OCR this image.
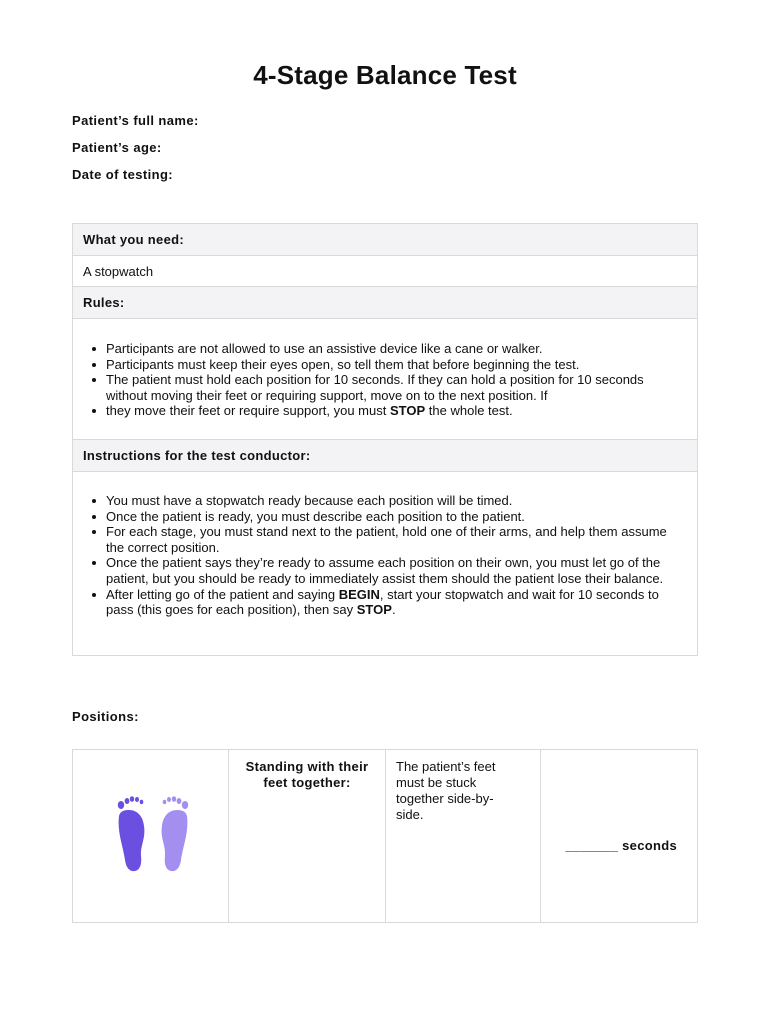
4-Stage Balance Test
Patient’s full name:
Patient’s age:
Date of testing:
What you need:
A stopwatch
Rules:
Participants are not allowed to use an assistive device like a cane or walker.
Participants must keep their eyes open, so tell them that before beginning the test.
The patient must hold each position for 10 seconds. If they can hold a position for 10 seconds without moving their feet or requiring support, move on to the next position. If
they move their feet or require support, you must STOP the whole test.
Instructions for the test conductor:
You must have a stopwatch ready because each position will be timed.
Once the patient is ready, you must describe each position to the patient.
For each stage, you must stand next to the patient, hold one of their arms, and help them assume the correct position.
Once the patient says they’re ready to assume each position on their own, you must let go of the patient, but you should be ready to immediately assist them should the patient lose their balance.
After letting go of the patient and saying BEGIN, start your stopwatch and wait for 10 seconds to pass (this goes for each position), then say STOP.
Positions:
Standing with their feet together:
The patient’s feet must be stuck together side-by-side.
_______ seconds
